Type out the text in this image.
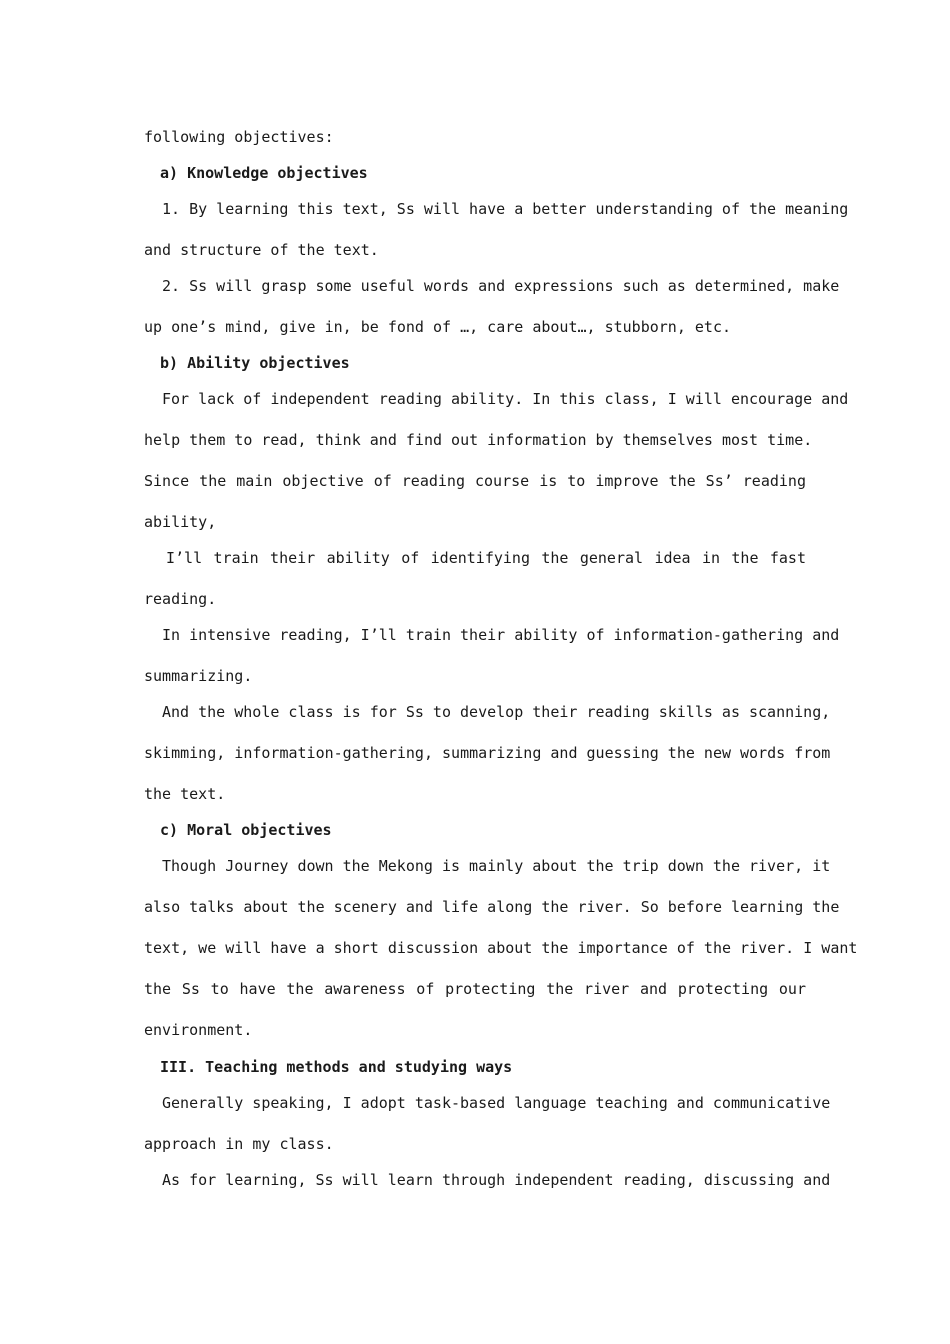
following objectives:
a) Knowledge objectives
1. By learning this text, Ss will have a better understanding of the meaning
and structure of the text.
2. Ss will grasp some useful words and expressions such as determined, make
up one’s mind, give in, be fond of …, care about…, stubborn, etc.
b) Ability objectives
For lack of independent reading ability. In this class, I will encourage and
help them to read, think and find out information by themselves most time.
Since the main objective of reading course is to improve the Ss’ reading
ability,
I’ll train their ability of identifying the general idea in the fast
reading.
In intensive reading, I’ll train their ability of information-gathering and
summarizing.
And the whole class is for Ss to develop their reading skills as scanning,
skimming, information-gathering, summarizing and guessing the new words from
the text.
c) Moral objectives
Though Journey down the Mekong is mainly about the trip down the river, it
also talks about the scenery and life along the river. So before learning the
text, we will have a short discussion about the importance of the river. I want
the Ss to have the awareness of protecting the river and protecting our
environment.
III. Teaching methods and studying ways
Generally speaking, I adopt task-based language teaching and communicative
approach in my class.
As for learning, Ss will learn through independent reading, discussing and
